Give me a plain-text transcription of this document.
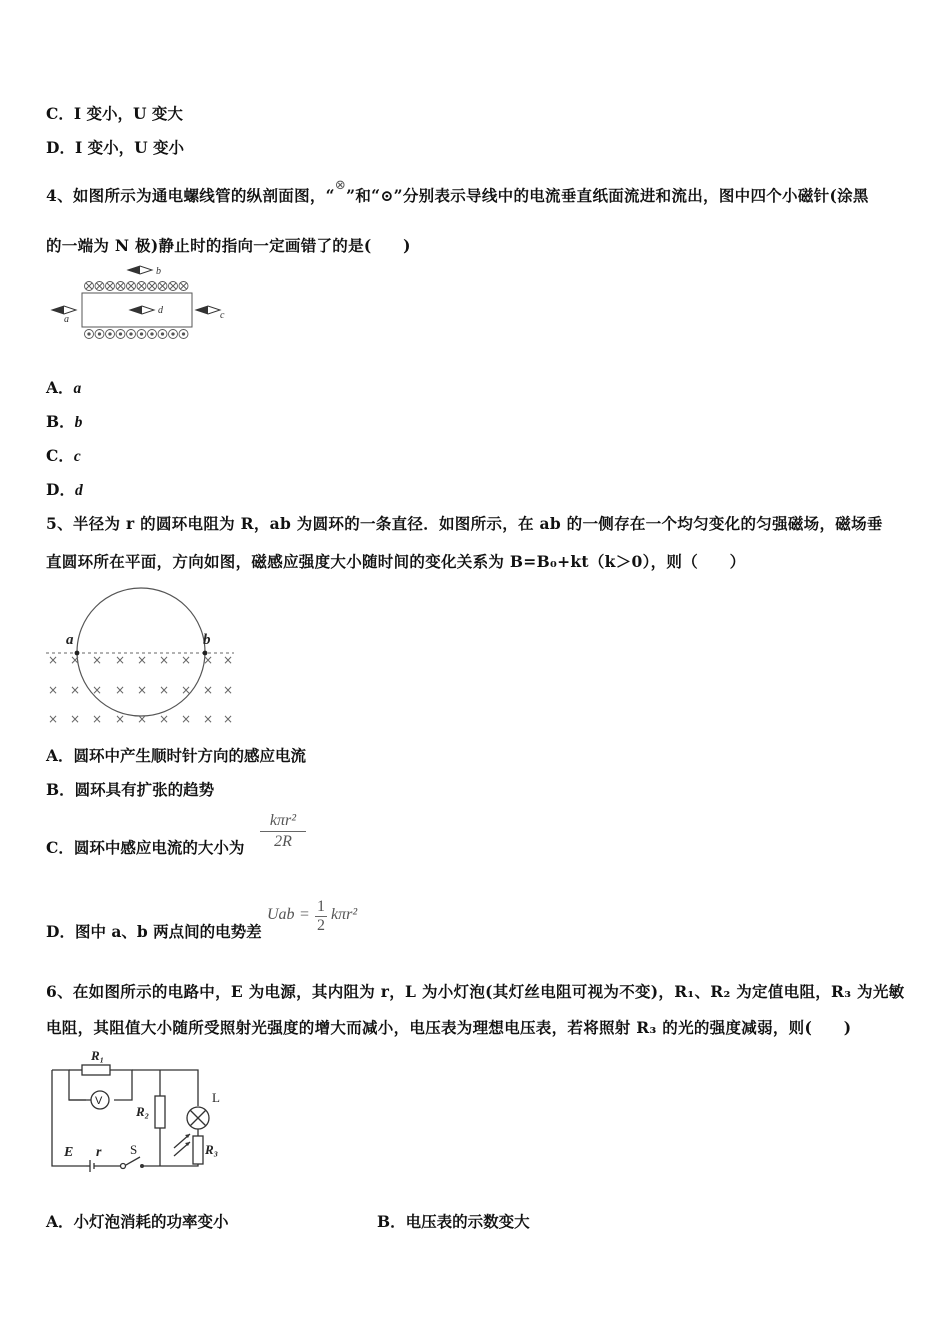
C．I 变小，U 变大
D．I 变小，U 变小
4、如图所示为通电螺线管的纵剖面图，“⊗”和“⊙”分别表示导线中的电流垂直纸面流进和流出，图中四个小磁针(涂黑
的一端为 N 极)静止时的指向一定画错了的是(　　)
b
d
a	c
A．a
B．b
C．c
D．d
5、半径为 r 的圆环电阻为 R，ab 为圆环的一条直径．如图所示，在 ab 的一侧存在一个均匀变化的匀强磁场，磁场垂
直圆环所在平面，方向如图，磁感应强度大小随时间的变化关系为 B=B₀+kt（k＞0），则（　　）
a	b
× × × × × × × × ×
× × × × × × × × ×
× × × × × × × × ×
A．圆环中产生顺时针方向的感应电流
B．圆环具有扩张的趋势
C．圆环中感应电流的大小为
kπr²
2R
D．图中 a、b 两点间的电势差
Uab = 1
2
kπr²
6、在如图所示的电路中，E 为电源，其内阻为 r，L 为小灯泡(其灯丝电阻可视为不变)，R₁、R₂ 为定值电阻，R₃ 为光敏
电阻，其阻值大小随所受照射光强度的增大而减小，电压表为理想电压表，若将照射 R₃ 的光的强度减弱，则(　　)
R₁
V
R₂
L
R₃
E r S
A．小灯泡消耗的功率变小	B．电压表的示数变大
